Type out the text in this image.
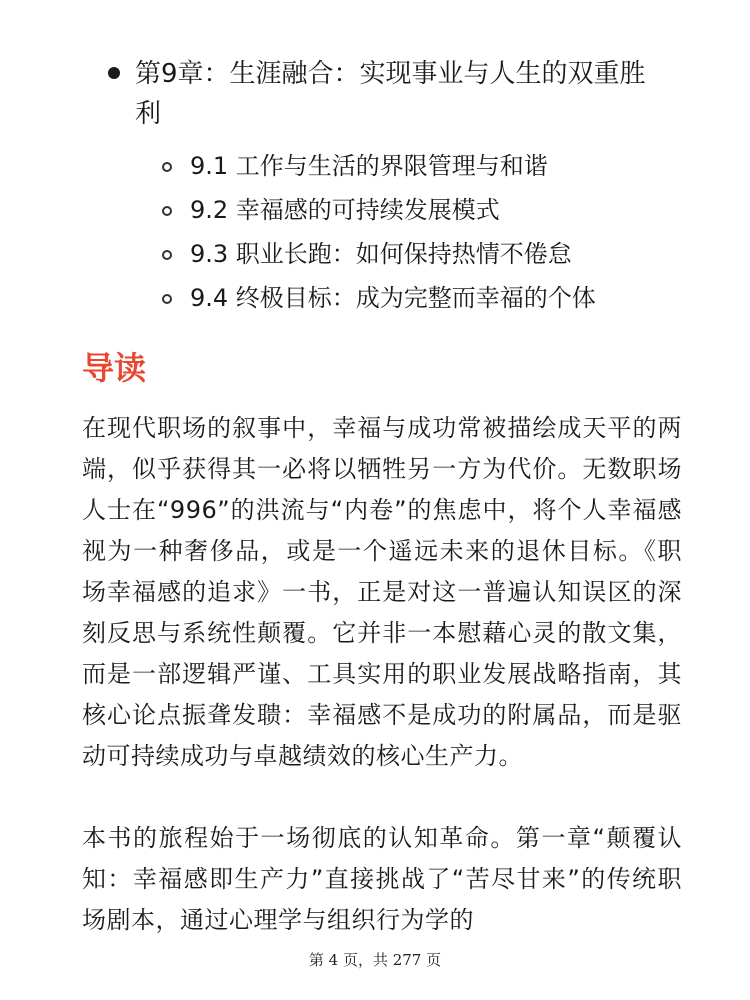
第9章：生涯融合：实现事业与人生的双重胜利
9.1 工作与生活的界限管理与和谐
9.2 幸福感的可持续发展模式
9.3 职业长跑：如何保持热情不倦怠
9.4 终极目标：成为完整而幸福的个体
导读
在现代职场的叙事中，幸福与成功常被描绘成天平的两端，似乎获得其一必将以牺牲另一方为代价。无数职场人士在“996”的洪流与“内卷”的焦虑中，将个人幸福感视为一种奢侈品，或是一个遥远未来的退休目标。《职场幸福感的追求》一书，正是对这一普遍认知误区的深刻反思与系统性颠覆。它并非一本慰藉心灵的散文集，而是一部逻辑严谨、工具实用的职业发展战略指南，其核心论点振聋发聩：幸福感不是成功的附属品，而是驱动可持续成功与卓越绩效的核心生产力。
本书的旅程始于一场彻底的认知革命。第一章“颠覆认知：幸福感即生产力”直接挑战了“苦尽甘来”的传统职场剧本，通过心理学与组织行为学的
第 4 页，共 277 页
